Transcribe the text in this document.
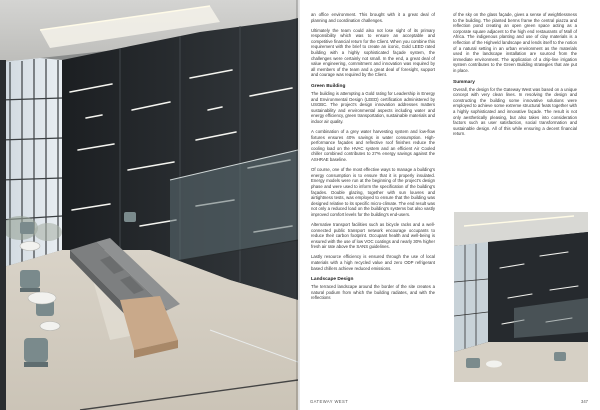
an office environment. This brought with it a great deal of planning and coordination challenges.

Ultimately the team could also not lose sight of its primary responsibility which was to ensure an acceptable and competitive financial return for the Client. When you combine this requirement with the brief to create an iconic, Gold LEED rated building with a highly sophisticated façade system, the challenges were certainly not small. In the end, a great deal of value engineering, commitment and innovation was required by all members of the team and a great deal of foresight, support and courage was required by the Client.

Green Building

The building is attempting a Gold rating for Leadership in Energy and Environmental Design (LEED) certification administered by USGBC. The project's design innovation addresses matters sustainability and environmental aspects including water and energy efficiency, green transportation, sustainable materials and indoor air quality.

A combination of a grey water harvesting system and low-flow fixtures ensures 40% savings in water consumption. High-performance façades and reflective roof finishes reduce the cooling load on the HVAC system and an efficient Air Cooled chiller combined contributes to 27% energy savings against the ASHRAE baseline.

Of course, one of the most effective ways to manage a building's energy consumption is to ensure that it is properly insulated. Energy models were run at the beginning of the project's design phase and were used to inform the specification of the building's façades. Double glazing, together with sun louvres and airtightness tests, was employed to ensure that the building was designed relative to its specific micro-climate. The end result was not only a reduced load on the building's systems but also vastly improved comfort levels for the building's end-users.

Alternative transport facilities such as bicycle racks and a well-connected public transport network encourage occupants to reduce their carbon footprint. Occupant health and well-being is ensured with the use of low VOC coatings and nearly 30% higher fresh air rate above the SANS guidelines.

Lastly resource efficiency is ensured through the use of local materials with a high recycled value and zero ODP refrigerant based chillers achieve reduced emissions.

Landscape Design

The terraced landscape around the border of the site creates a natural podium from which the building radiates, and with the reflections

of the sky on the glass façade, gives a sense of weightlessness to the building. The planted berms frame the central piazza and reflection pond creating an open green space acting as a corporate square adjacent to the high end restaurants of Mall of Africa. The indigenous planting and use of clay materials is a reflection of the Highveld landscape and lends itself to the notion of a natural setting in an urban environment as the materials used in the landscape installation are sourced from the immediate environment. The application of a drip-line irrigation system contributes to the Green Building strategies that are put in place.

Summary

Overall, the design for the Gateway West was based on a unique concept with very clean lines. In resolving the design and constructing the building some innovative solutions were employed to achieve some extreme structural feats together with a highly sophisticated and innovative façade. The result is not only aesthetically pleasing, but also takes into consideration factors such as user satisfaction, social transformation and sustainable design. All of this while ensuring a decent financial return.

GATEWAY WEST	347
